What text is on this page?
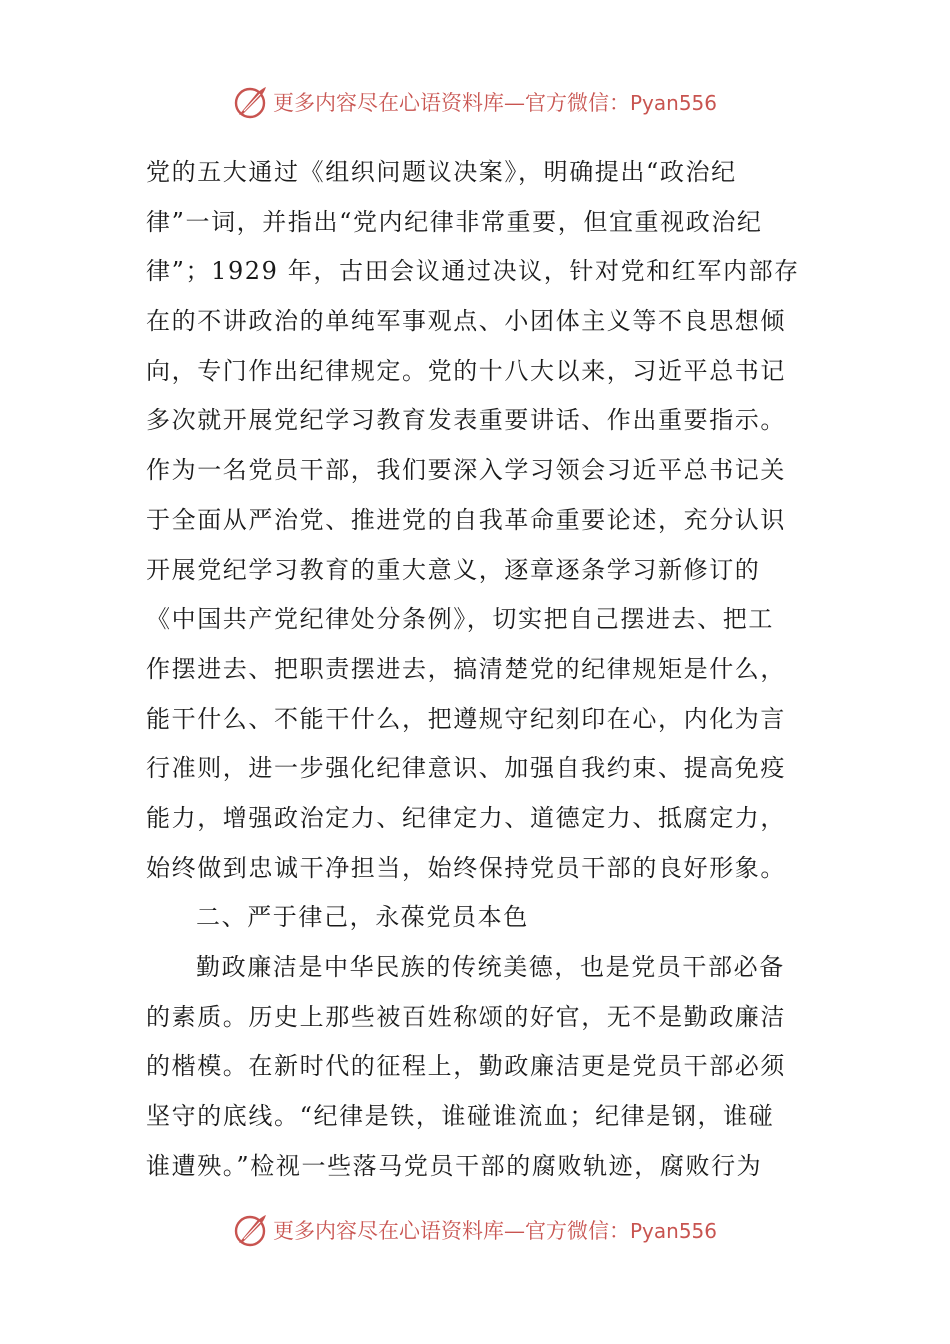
更多内容尽在心语资料库—官方微信：Pyan556
党的五大通过《组织问题议决案》，明确提出“政治纪
律”一词，并指出“党内纪律非常重要，但宜重视政治纪
律”；1929 年，古田会议通过决议，针对党和红军内部存
在的不讲政治的单纯军事观点、小团体主义等不良思想倾
向，专门作出纪律规定。党的十八大以来，习近平总书记
多次就开展党纪学习教育发表重要讲话、作出重要指示。
作为一名党员干部，我们要深入学习领会习近平总书记关
于全面从严治党、推进党的自我革命重要论述，充分认识
开展党纪学习教育的重大意义，逐章逐条学习新修订的
《中国共产党纪律处分条例》，切实把自己摆进去、把工
作摆进去、把职责摆进去，搞清楚党的纪律规矩是什么，
能干什么、不能干什么，把遵规守纪刻印在心，内化为言
行准则，进一步强化纪律意识、加强自我约束、提高免疫
能力，增强政治定力、纪律定力、道德定力、抵腐定力，
始终做到忠诚干净担当，始终保持党员干部的良好形象。
二、严于律己，永葆党员本色
勤政廉洁是中华民族的传统美德，也是党员干部必备
的素质。历史上那些被百姓称颂的好官，无不是勤政廉洁
的楷模。在新时代的征程上，勤政廉洁更是党员干部必须
坚守的底线。“纪律是铁，谁碰谁流血；纪律是钢，谁碰
谁遭殃。”检视一些落马党员干部的腐败轨迹，腐败行为
更多内容尽在心语资料库—官方微信：Pyan556
